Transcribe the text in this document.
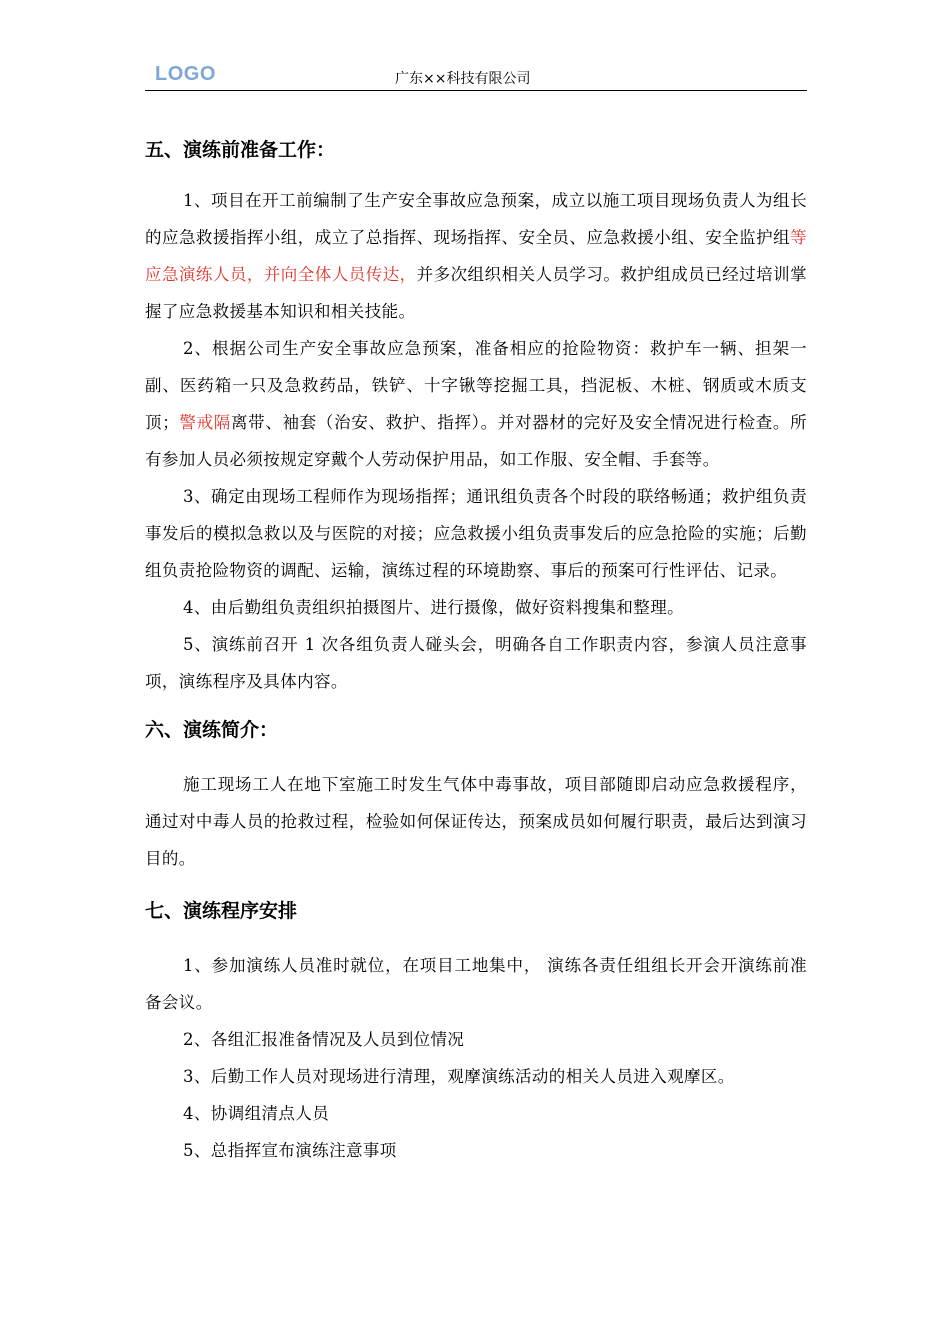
LOGO	广东××科技有限公司
五、演练前准备工作：

1、项目在开工前编制了生产安全事故应急预案，成立以施工项目现场负责人为组长的应急救援指挥小组，成立了总指挥、现场指挥、安全员、应急救援小组、安全监护组等应急演练人员，并向全体人员传达，并多次组织相关人员学习。救护组成员已经过培训掌握了应急救援基本知识和相关技能。

2、根据公司生产安全事故应急预案，准备相应的抢险物资：救护车一辆、担架一副、医药箱一只及急救药品，铁铲、十字锹等挖掘工具，挡泥板、木桩、钢质或木质支顶；警戒隔离带、袖套（治安、救护、指挥）。并对器材的完好及安全情况进行检查。所有参加人员必须按规定穿戴个人劳动保护用品，如工作服、安全帽、手套等。

3、确定由现场工程师作为现场指挥；通讯组负责各个时段的联络畅通；救护组负责事发后的模拟急救以及与医院的对接；应急救援小组负责事发后的应急抢险的实施；后勤组负责抢险物资的调配、运输，演练过程的环境勘察、事后的预案可行性评估、记录。

4、由后勤组负责组织拍摄图片、进行摄像，做好资料搜集和整理。

5、演练前召开 1 次各组负责人碰头会，明确各自工作职责内容，参演人员注意事项，演练程序及具体内容。

六、演练简介：

施工现场工人在地下室施工时发生气体中毒事故，项目部随即启动应急救援程序，通过对中毒人员的抢救过程，检验如何保证传达，预案成员如何履行职责，最后达到演习目的。

七、演练程序安排

1、参加演练人员准时就位，在项目工地集中， 演练各责任组组长开会开演练前准备会议。

2、各组汇报准备情况及人员到位情况

3、后勤工作人员对现场进行清理，观摩演练活动的相关人员进入观摩区。

4、协调组清点人员

5、总指挥宣布演练注意事项
